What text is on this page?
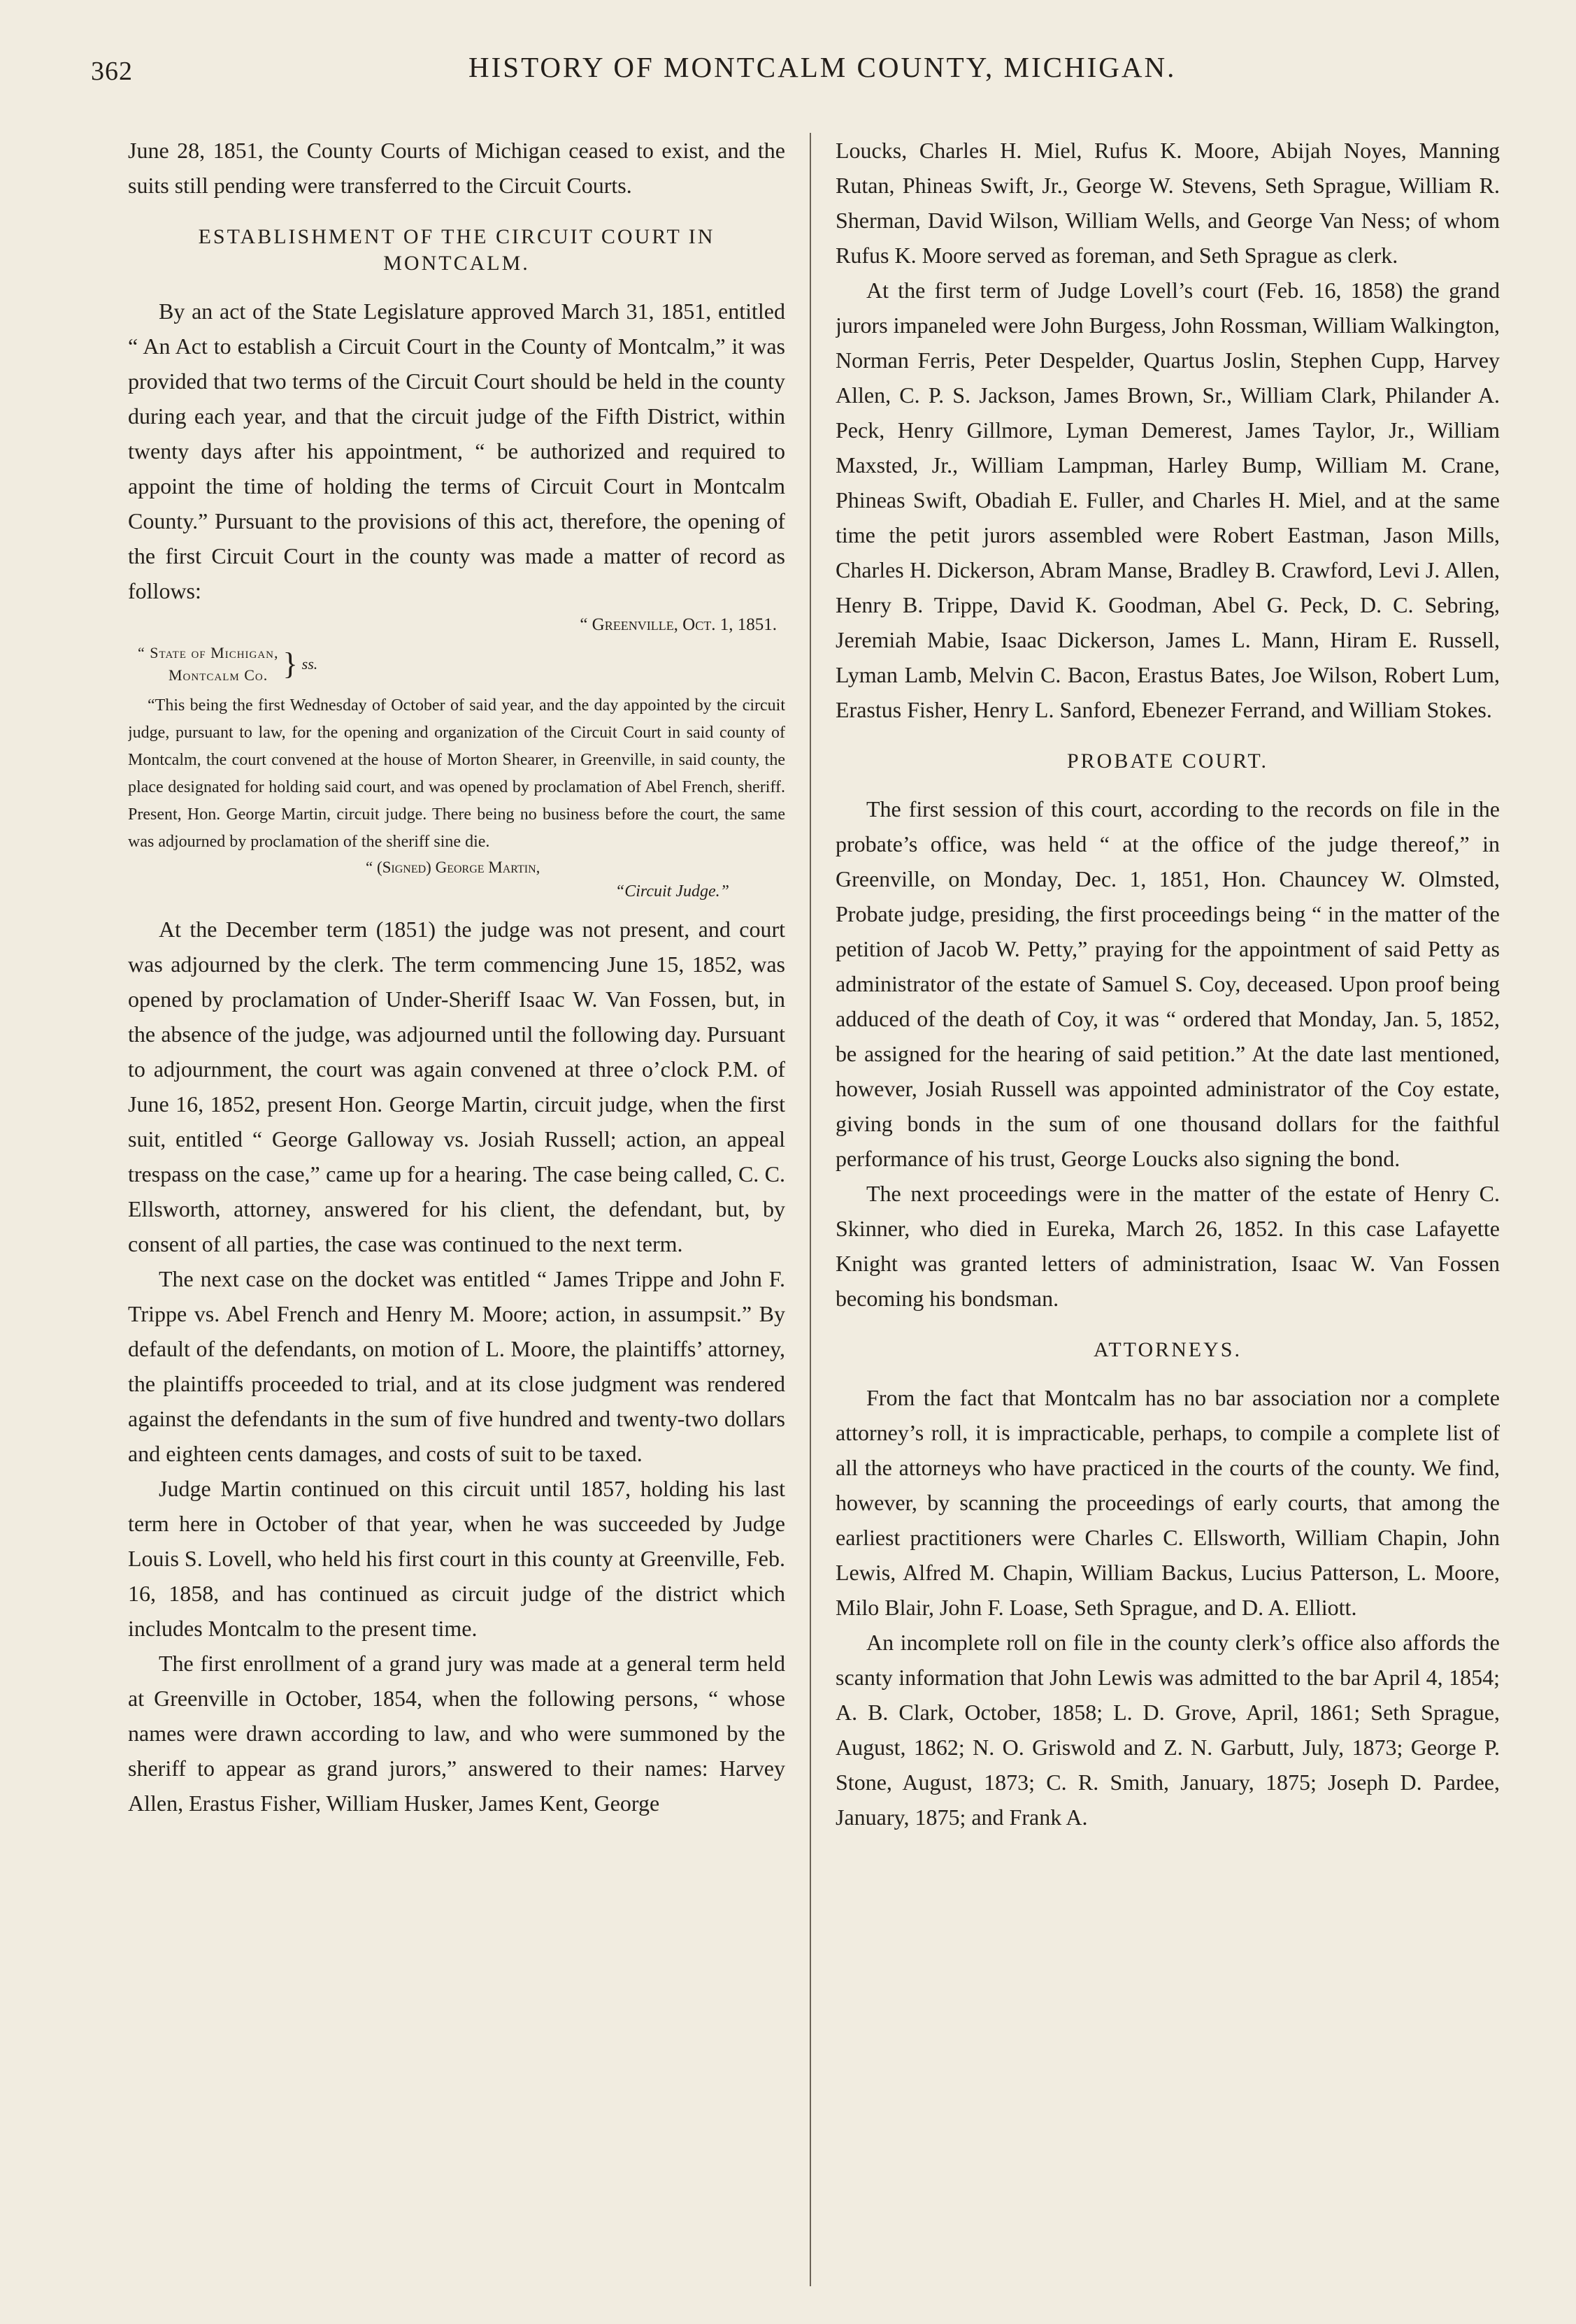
362	HISTORY OF MONTCALM COUNTY, MICHIGAN.

June 28, 1851, the County Courts of Michigan ceased to exist, and the suits still pending were transferred to the Circuit Courts.

ESTABLISHMENT OF THE CIRCUIT COURT IN MONTCALM.

By an act of the State Legislature approved March 31, 1851, entitled “ An Act to establish a Circuit Court in the County of Montcalm,” it was provided that two terms of the Circuit Court should be held in the county during each year, and that the circuit judge of the Fifth District, within twenty days after his appointment, “ be authorized and required to appoint the time of holding the terms of Circuit Court in Montcalm County.” Pursuant to the provisions of this act, therefore, the opening of the first Circuit Court in the county was made a matter of record as follows:

“ Greenville, Oct. 1, 1851.
“ State of Michigan,
Montcalm Co. } ss.

“This being the first Wednesday of October of said year, and the day appointed by the circuit judge, pursuant to law, for the opening and organization of the Circuit Court in said county of Montcalm, the court convened at the house of Morton Shearer, in Greenville, in said county, the place designated for holding said court, and was opened by proclamation of Abel French, sheriff. Present, Hon. George Martin, circuit judge. There being no business before the court, the same was adjourned by proclamation of the sheriff sine die.

“ (Signed) George Martin,
“Circuit Judge.”

At the December term (1851) the judge was not present, and court was adjourned by the clerk. The term commencing June 15, 1852, was opened by proclamation of Under-Sheriff Isaac W. Van Fossen, but, in the absence of the judge, was adjourned until the following day. Pursuant to adjournment, the court was again convened at three o’clock P.M. of June 16, 1852, present Hon. George Martin, circuit judge, when the first suit, entitled “ George Galloway vs. Josiah Russell; action, an appeal trespass on the case,” came up for a hearing. The case being called, C. C. Ellsworth, attorney, answered for his client, the defendant, but, by consent of all parties, the case was continued to the next term.

The next case on the docket was entitled “ James Trippe and John F. Trippe vs. Abel French and Henry M. Moore; action, in assumpsit.” By default of the defendants, on motion of L. Moore, the plaintiffs’ attorney, the plaintiffs proceeded to trial, and at its close judgment was rendered against the defendants in the sum of five hundred and twenty-two dollars and eighteen cents damages, and costs of suit to be taxed.

Judge Martin continued on this circuit until 1857, holding his last term here in October of that year, when he was succeeded by Judge Louis S. Lovell, who held his first court in this county at Greenville, Feb. 16, 1858, and has continued as circuit judge of the district which includes Montcalm to the present time.

The first enrollment of a grand jury was made at a general term held at Greenville in October, 1854, when the following persons, “ whose names were drawn according to law, and who were summoned by the sheriff to appear as grand jurors,” answered to their names: Harvey Allen, Erastus Fisher, William Husker, James Kent, George

Loucks, Charles H. Miel, Rufus K. Moore, Abijah Noyes, Manning Rutan, Phineas Swift, Jr., George W. Stevens, Seth Sprague, William R. Sherman, David Wilson, William Wells, and George Van Ness; of whom Rufus K. Moore served as foreman, and Seth Sprague as clerk.

At the first term of Judge Lovell’s court (Feb. 16, 1858) the grand jurors impaneled were John Burgess, John Rossman, William Walkington, Norman Ferris, Peter Despelder, Quartus Joslin, Stephen Cupp, Harvey Allen, C. P. S. Jackson, James Brown, Sr., William Clark, Philander A. Peck, Henry Gillmore, Lyman Demerest, James Taylor, Jr., William Maxsted, Jr., William Lampman, Harley Bump, William M. Crane, Phineas Swift, Obadiah E. Fuller, and Charles H. Miel, and at the same time the petit jurors assembled were Robert Eastman, Jason Mills, Charles H. Dickerson, Abram Manse, Bradley B. Crawford, Levi J. Allen, Henry B. Trippe, David K. Goodman, Abel G. Peck, D. C. Sebring, Jeremiah Mabie, Isaac Dickerson, James L. Mann, Hiram E. Russell, Lyman Lamb, Melvin C. Bacon, Erastus Bates, Joe Wilson, Robert Lum, Erastus Fisher, Henry L. Sanford, Ebenezer Ferrand, and William Stokes.

PROBATE COURT.

The first session of this court, according to the records on file in the probate’s office, was held “ at the office of the judge thereof,” in Greenville, on Monday, Dec. 1, 1851, Hon. Chauncey W. Olmsted, Probate judge, presiding, the first proceedings being “ in the matter of the petition of Jacob W. Petty,” praying for the appointment of said Petty as administrator of the estate of Samuel S. Coy, deceased. Upon proof being adduced of the death of Coy, it was “ ordered that Monday, Jan. 5, 1852, be assigned for the hearing of said petition.” At the date last mentioned, however, Josiah Russell was appointed administrator of the Coy estate, giving bonds in the sum of one thousand dollars for the faithful performance of his trust, George Loucks also signing the bond.

The next proceedings were in the matter of the estate of Henry C. Skinner, who died in Eureka, March 26, 1852. In this case Lafayette Knight was granted letters of administration, Isaac W. Van Fossen becoming his bondsman.

ATTORNEYS.

From the fact that Montcalm has no bar association nor a complete attorney’s roll, it is impracticable, perhaps, to compile a complete list of all the attorneys who have practiced in the courts of the county. We find, however, by scanning the proceedings of early courts, that among the earliest practitioners were Charles C. Ellsworth, William Chapin, John Lewis, Alfred M. Chapin, William Backus, Lucius Patterson, L. Moore, Milo Blair, John F. Loase, Seth Sprague, and D. A. Elliott.

An incomplete roll on file in the county clerk’s office also affords the scanty information that John Lewis was admitted to the bar April 4, 1854; A. B. Clark, October, 1858; L. D. Grove, April, 1861; Seth Sprague, August, 1862; N. O. Griswold and Z. N. Garbutt, July, 1873; George P. Stone, August, 1873; C. R. Smith, January, 1875; Joseph D. Pardee, January, 1875; and Frank A.
